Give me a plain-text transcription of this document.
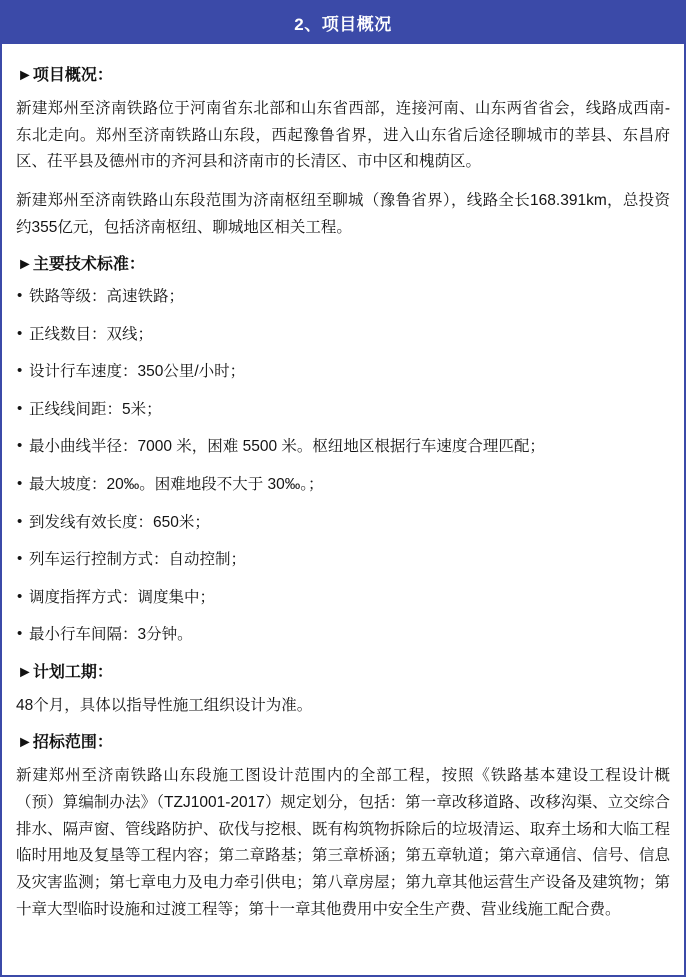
2、项目概况
►项目概况：

新建郑州至济南铁路位于河南省东北部和山东省西部，连接河南、山东两省省会，线路成西南‐东北走向。郑州至济南铁路山东段，西起豫鲁省界，进入山东省后途径聊城市的莘县、东昌府区、茌平县及德州市的齐河县和济南市的长清区、市中区和槐荫区。

新建郑州至济南铁路山东段范围为济南枢纽至聊城（豫鲁省界），线路全长168.391km，总投资约355亿元，包括济南枢纽、聊城地区相关工程。

►主要技术标准：
• 铁路等级：高速铁路；
• 正线数目：双线；
• 设计行车速度：350公里/小时；
• 正线线间距：5米；
• 最小曲线半径：7000 米，困难 5500 米。枢纽地区根据行车速度合理匹配；
• 最大坡度：20‰。困难地段不大于 30‰。；
• 到发线有效长度：650米；
• 列车运行控制方式：自动控制；
• 调度指挥方式：调度集中；
• 最小行车间隔：3分钟。
►计划工期：

48个月，具体以指导性施工组织设计为准。

►招标范围：

新建郑州至济南铁路山东段施工图设计范围内的全部工程，按照《铁路基本建设工程设计概（预）算编制办法》（TZJ1001-2017）规定划分，包括：第一章改移道路、改移沟渠、立交综合排水、隔声窗、管线路防护、砍伐与挖根、既有构筑物拆除后的垃圾清运、取弃土场和大临工程临时用地及复垦等工程内容；第二章路基；第三章桥涵；第五章轨道；第六章通信、信号、信息及灾害监测；第七章电力及电力牵引供电；第八章房屋；第九章其他运营生产设备及建筑物；第十章大型临时设施和过渡工程等；第十一章其他费用中安全生产费、营业线施工配合费。
